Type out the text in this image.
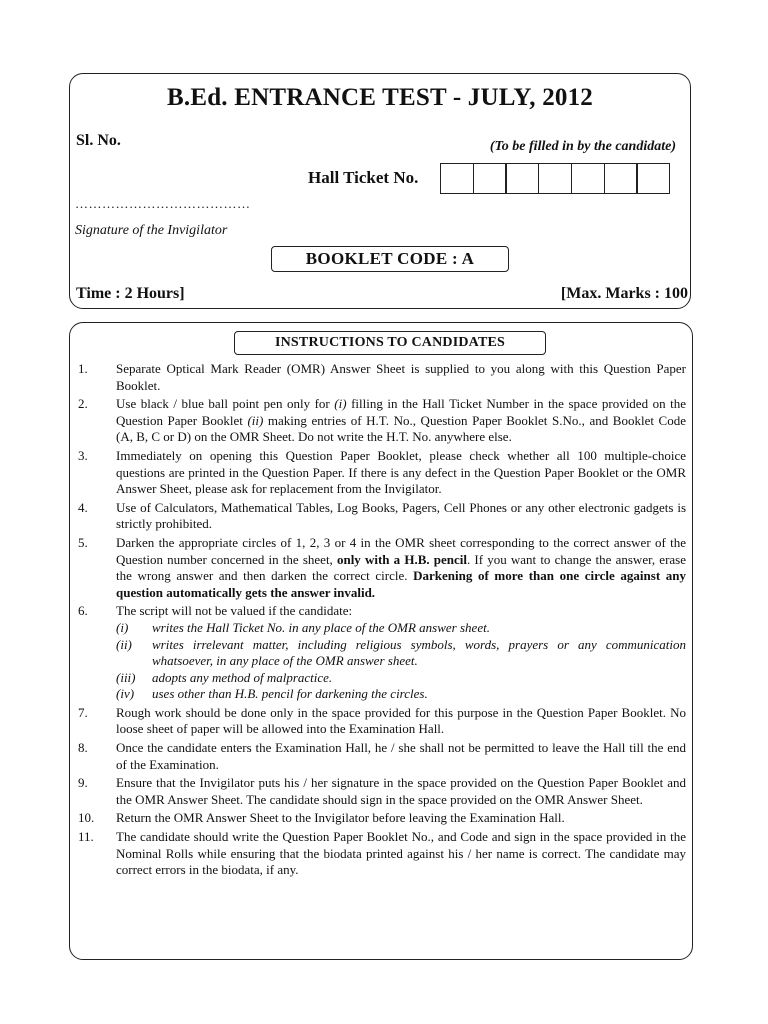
B.Ed. ENTRANCE TEST - JULY, 2012
Sl. No.	(To be filled in by the candidate)
Hall Ticket No.
…………………………………
Signature of the Invigilator
BOOKLET CODE : A
Time : 2 Hours]	[Max. Marks : 100
INSTRUCTIONS TO CANDIDATES
1.	Separate Optical Mark Reader (OMR) Answer Sheet is supplied to you along with this Question Paper Booklet.
2.	Use black / blue ball point pen only for (i) filling in the Hall Ticket Number in the space provided on the Question Paper Booklet (ii) making entries of H.T. No., Question Paper Booklet S.No., and Booklet Code (A, B, C or D) on the OMR Sheet. Do not write the H.T. No. anywhere else.
3.	Immediately on opening this Question Paper Booklet, please check whether all 100 multiple-choice questions are printed in the Question Paper. If there is any defect in the Question Paper Booklet or the OMR Answer Sheet, please ask for replacement from the Invigilator.
4.	Use of Calculators, Mathematical Tables, Log Books, Pagers, Cell Phones or any other electronic gadgets is strictly prohibited.
5.	Darken the appropriate circles of 1, 2, 3 or 4 in the OMR sheet corresponding to the correct answer of the Question number concerned in the sheet, only with a H.B. pencil. If you want to change the answer, erase the wrong answer and then darken the correct circle. Darkening of more than one circle against any question automatically gets the answer invalid.
6.	The script will not be valued if the candidate:
(i)	writes the Hall Ticket No. in any place of the OMR answer sheet.
(ii)	writes irrelevant matter, including religious symbols, words, prayers or any communication whatsoever, in any place of the OMR answer sheet.
(iii)	adopts any method of malpractice.
(iv)	uses other than H.B. pencil for darkening the circles.
7.	Rough work should be done only in the space provided for this purpose in the Question Paper Booklet. No loose sheet of paper will be allowed into the Examination Hall.
8.	Once the candidate enters the Examination Hall, he / she shall not be permitted to leave the Hall till the end of the Examination.
9.	Ensure that the Invigilator puts his / her signature in the space provided on the Question Paper Booklet and the OMR Answer Sheet. The candidate should sign in the space provided on the OMR Answer Sheet.
10.	Return the OMR Answer Sheet to the Invigilator before leaving the Examination Hall.
11.	The candidate should write the Question Paper Booklet No., and Code and sign in the space provided in the Nominal Rolls while ensuring that the biodata printed against his / her name is correct. The candidate may correct errors in the biodata, if any.
